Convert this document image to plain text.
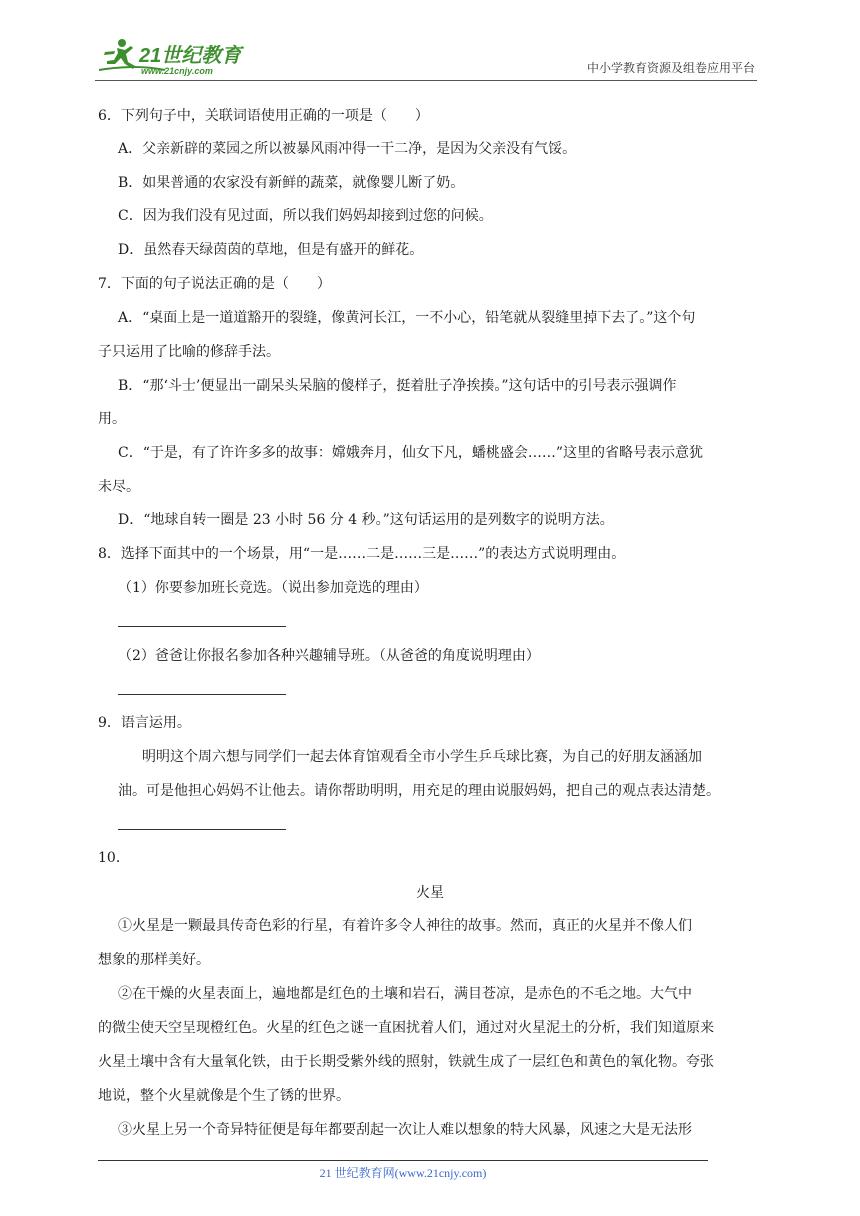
21世纪教育
www.21cnjy.com	中小学教育资源及组卷应用平台
6．下列句子中，关联词语使用正确的一项是（　　）
A．父亲新辟的菜园之所以被暴风雨冲得一干二净，是因为父亲没有气馁。
B．如果普通的农家没有新鲜的蔬菜，就像婴儿断了奶。
C．因为我们没有见过面，所以我们妈妈却接到过您的问候。
D．虽然春天绿茵茵的草地，但是有盛开的鲜花。
7．下面的句子说法正确的是（　　）
A．“桌面上是一道道豁开的裂缝，像黄河长江，一不小心，铅笔就从裂缝里掉下去了。”这个句
子只运用了比喻的修辞手法。
B．“那‘斗士’便显出一副呆头呆脑的傻样子，挺着肚子净挨揍。”这句话中的引号表示强调作
用。
C．“于是，有了许许多多的故事：嫦娥奔月，仙女下凡，蟠桃盛会……”这里的省略号表示意犹
未尽。
D．“地球自转一圈是 23 小时 56 分 4 秒。”这句话运用的是列数字的说明方法。
8．选择下面其中的一个场景，用“一是……二是……三是……”的表达方式说明理由。
（1）你要参加班长竞选。（说出参加竞选的理由）
（2）爸爸让你报名参加各种兴趣辅导班。（从爸爸的角度说明理由）
9．语言运用。
明明这个周六想与同学们一起去体育馆观看全市小学生乒乓球比赛，为自己的好朋友涵涵加
油。可是他担心妈妈不让他去。请你帮助明明，用充足的理由说服妈妈，把自己的观点表达清楚。
10．
火星
①火星是一颗最具传奇色彩的行星，有着许多令人神往的故事。然而，真正的火星并不像人们
想象的那样美好。
②在干燥的火星表面上，遍地都是红色的土壤和岩石，满目苍凉，是赤色的不毛之地。大气中
的微尘使天空呈现橙红色。火星的红色之谜一直困扰着人们，通过对火星泥土的分析，我们知道原来
火星土壤中含有大量氧化铁，由于长期受紫外线的照射，铁就生成了一层红色和黄色的氧化物。夸张
地说，整个火星就像是个生了锈的世界。
③火星上另一个奇异特征便是每年都要刮起一次让人难以想象的特大风暴，风速之大是无法形
21 世纪教育网(www.21cnjy.com)
